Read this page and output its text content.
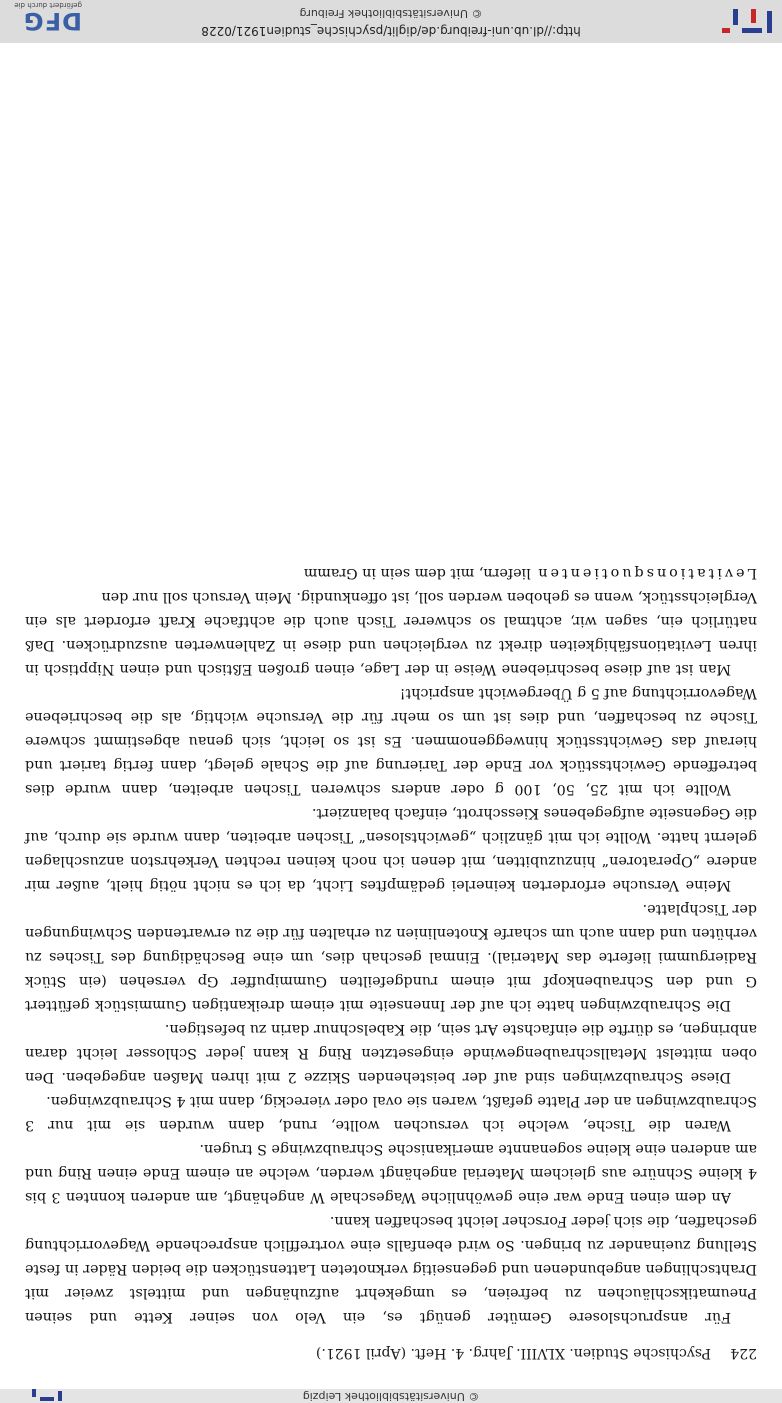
© Universitätsbibliothek Leipzig
224Psychische Studien. XLVIII. Jahrg. 4. Heft. (April 1921.)

Für anspruchslosere Gemüter genügt es, ein Velo von seiner Kette und seinen Pneumatikschläuchen zu befreien, es umgekehrt aufzuhängen und mittelst zweier mit Drahtschlingen angebundenen und gegenseitig verknoteten Lattenstücken die beiden Räder in feste Stellung zueinander zu bringen. So wird ebenfalls eine vortrefflich ansprechende Wagevorrichtung geschaffen, die sich jeder Forscher leicht beschaffen kann.

An dem einen Ende war eine gewöhnliche Wageschale W angehängt, am anderen konnten 3 bis 4 kleine Schnüre aus gleichem Material angehängt werden, welche an einem Ende einen Ring und am anderen eine kleine sogenannte amerikanische Schraubzwinge S trugen.

Waren die Tische, welche ich versuchen wollte, rund, dann wurden sie mit nur 3 Schraubzwingen an der Platte gefaßt, waren sie oval oder viereckig, dann mit 4 Schraubzwingen.

Diese Schraubzwingen sind auf der beistehenden Skizze 2 mit ihren Maßen angegeben. Den oben mittelst Metallschraubengewinde eingesetzten Ring R kann jeder Schlosser leicht daran anbringen, es dürfte die einfachste Art sein, die Kabelschnur darin zu befestigen.

Die Schraubzwingen hatte ich auf der Innenseite mit einem dreikantigen Gummistück gefüttert G und den Schraubenkopf mit einem rundgefeilten Gummipuffer Gp versehen (ein Stück Radiergummi lieferte das Material). Einmal geschah dies, um eine Beschädigung des Tisches zu verhüten und dann auch um scharfe Knotenlinien zu erhalten für die zu erwartenden Schwingungen der Tischplatte.

Meine Versuche erforderten keinerlei gedämpftes Licht, da ich es nicht nötig hielt, außer mir andere „Operatoren“ hinzuzubitten, mit denen ich noch keinen rechten Verkehrston anzuschlagen gelernt hatte. Wollte ich mit gänzlich „gewichtslosen“ Tischen arbeiten, dann wurde sie durch, auf die Gegenseite aufgegebenes Kiesschrott, einfach balanziert.

Wollte ich mit 25, 50, 100 g oder anders schweren Tischen arbeiten, dann wurde dies betreffende Gewichtsstück vor Ende der Tarierung auf die Schale gelegt, dann fertig tariert und hierauf das Gewichtsstück hinweggenommen. Es ist so leicht, sich genau abgestimmt schwere Tische zu beschaffen, und dies ist um so mehr für die Versuche wichtig, als die beschriebene Wagevorrichtung auf 5 g Übergewicht anspricht!

Man ist auf diese beschriebene Weise in der Lage, einen großen Eßtisch und einen Nipptisch in ihren Levitationsfähigkeiten direkt zu vergleichen und diese in Zahlenwerten auszudrücken. Daß natürlich ein, sagen wir, achtmal so schwerer Tisch auch die achtfache Kraft erfordert als ein Vergleichsstück, wenn es gehoben werden soll, ist offenkundig. Mein Versuch soll nur den

Levitationsquotienten liefern, mit dem sein in Gramm

http://dl.ub.uni-freiburg.de/diglit/psychische_studien1921/0228
© Universitätsbibliothek Freiburg
DFG
gefördert durch die
